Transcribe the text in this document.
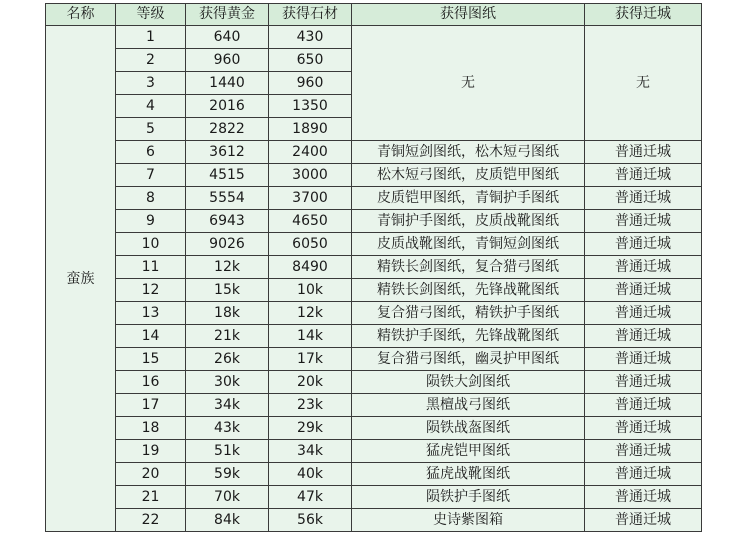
名称	等级	获得黄金	获得石材	获得图纸	获得迁城
蛮族	1	640	430	无	无
	2	960	650		
	3	1440	960		
	4	2016	1350		
	5	2822	1890		
	6	3612	2400	青铜短剑图纸，松木短弓图纸	普通迁城
	7	4515	3000	松木短弓图纸，皮质铠甲图纸	普通迁城
	8	5554	3700	皮质铠甲图纸，青铜护手图纸	普通迁城
	9	6943	4650	青铜护手图纸，皮质战靴图纸	普通迁城
	10	9026	6050	皮质战靴图纸，青铜短剑图纸	普通迁城
	11	12k	8490	精铁长剑图纸，复合猎弓图纸	普通迁城
	12	15k	10k	精铁长剑图纸，先锋战靴图纸	普通迁城
	13	18k	12k	复合猎弓图纸，精铁护手图纸	普通迁城
	14	21k	14k	精铁护手图纸，先锋战靴图纸	普通迁城
	15	26k	17k	复合猎弓图纸，幽灵护甲图纸	普通迁城
	16	30k	20k	陨铁大剑图纸	普通迁城
	17	34k	23k	黑檀战弓图纸	普通迁城
	18	43k	29k	陨铁战盔图纸	普通迁城
	19	51k	34k	猛虎铠甲图纸	普通迁城
	20	59k	40k	猛虎战靴图纸	普通迁城
	21	70k	47k	陨铁护手图纸	普通迁城
	22	84k	56k	史诗紫图箱	普通迁城
